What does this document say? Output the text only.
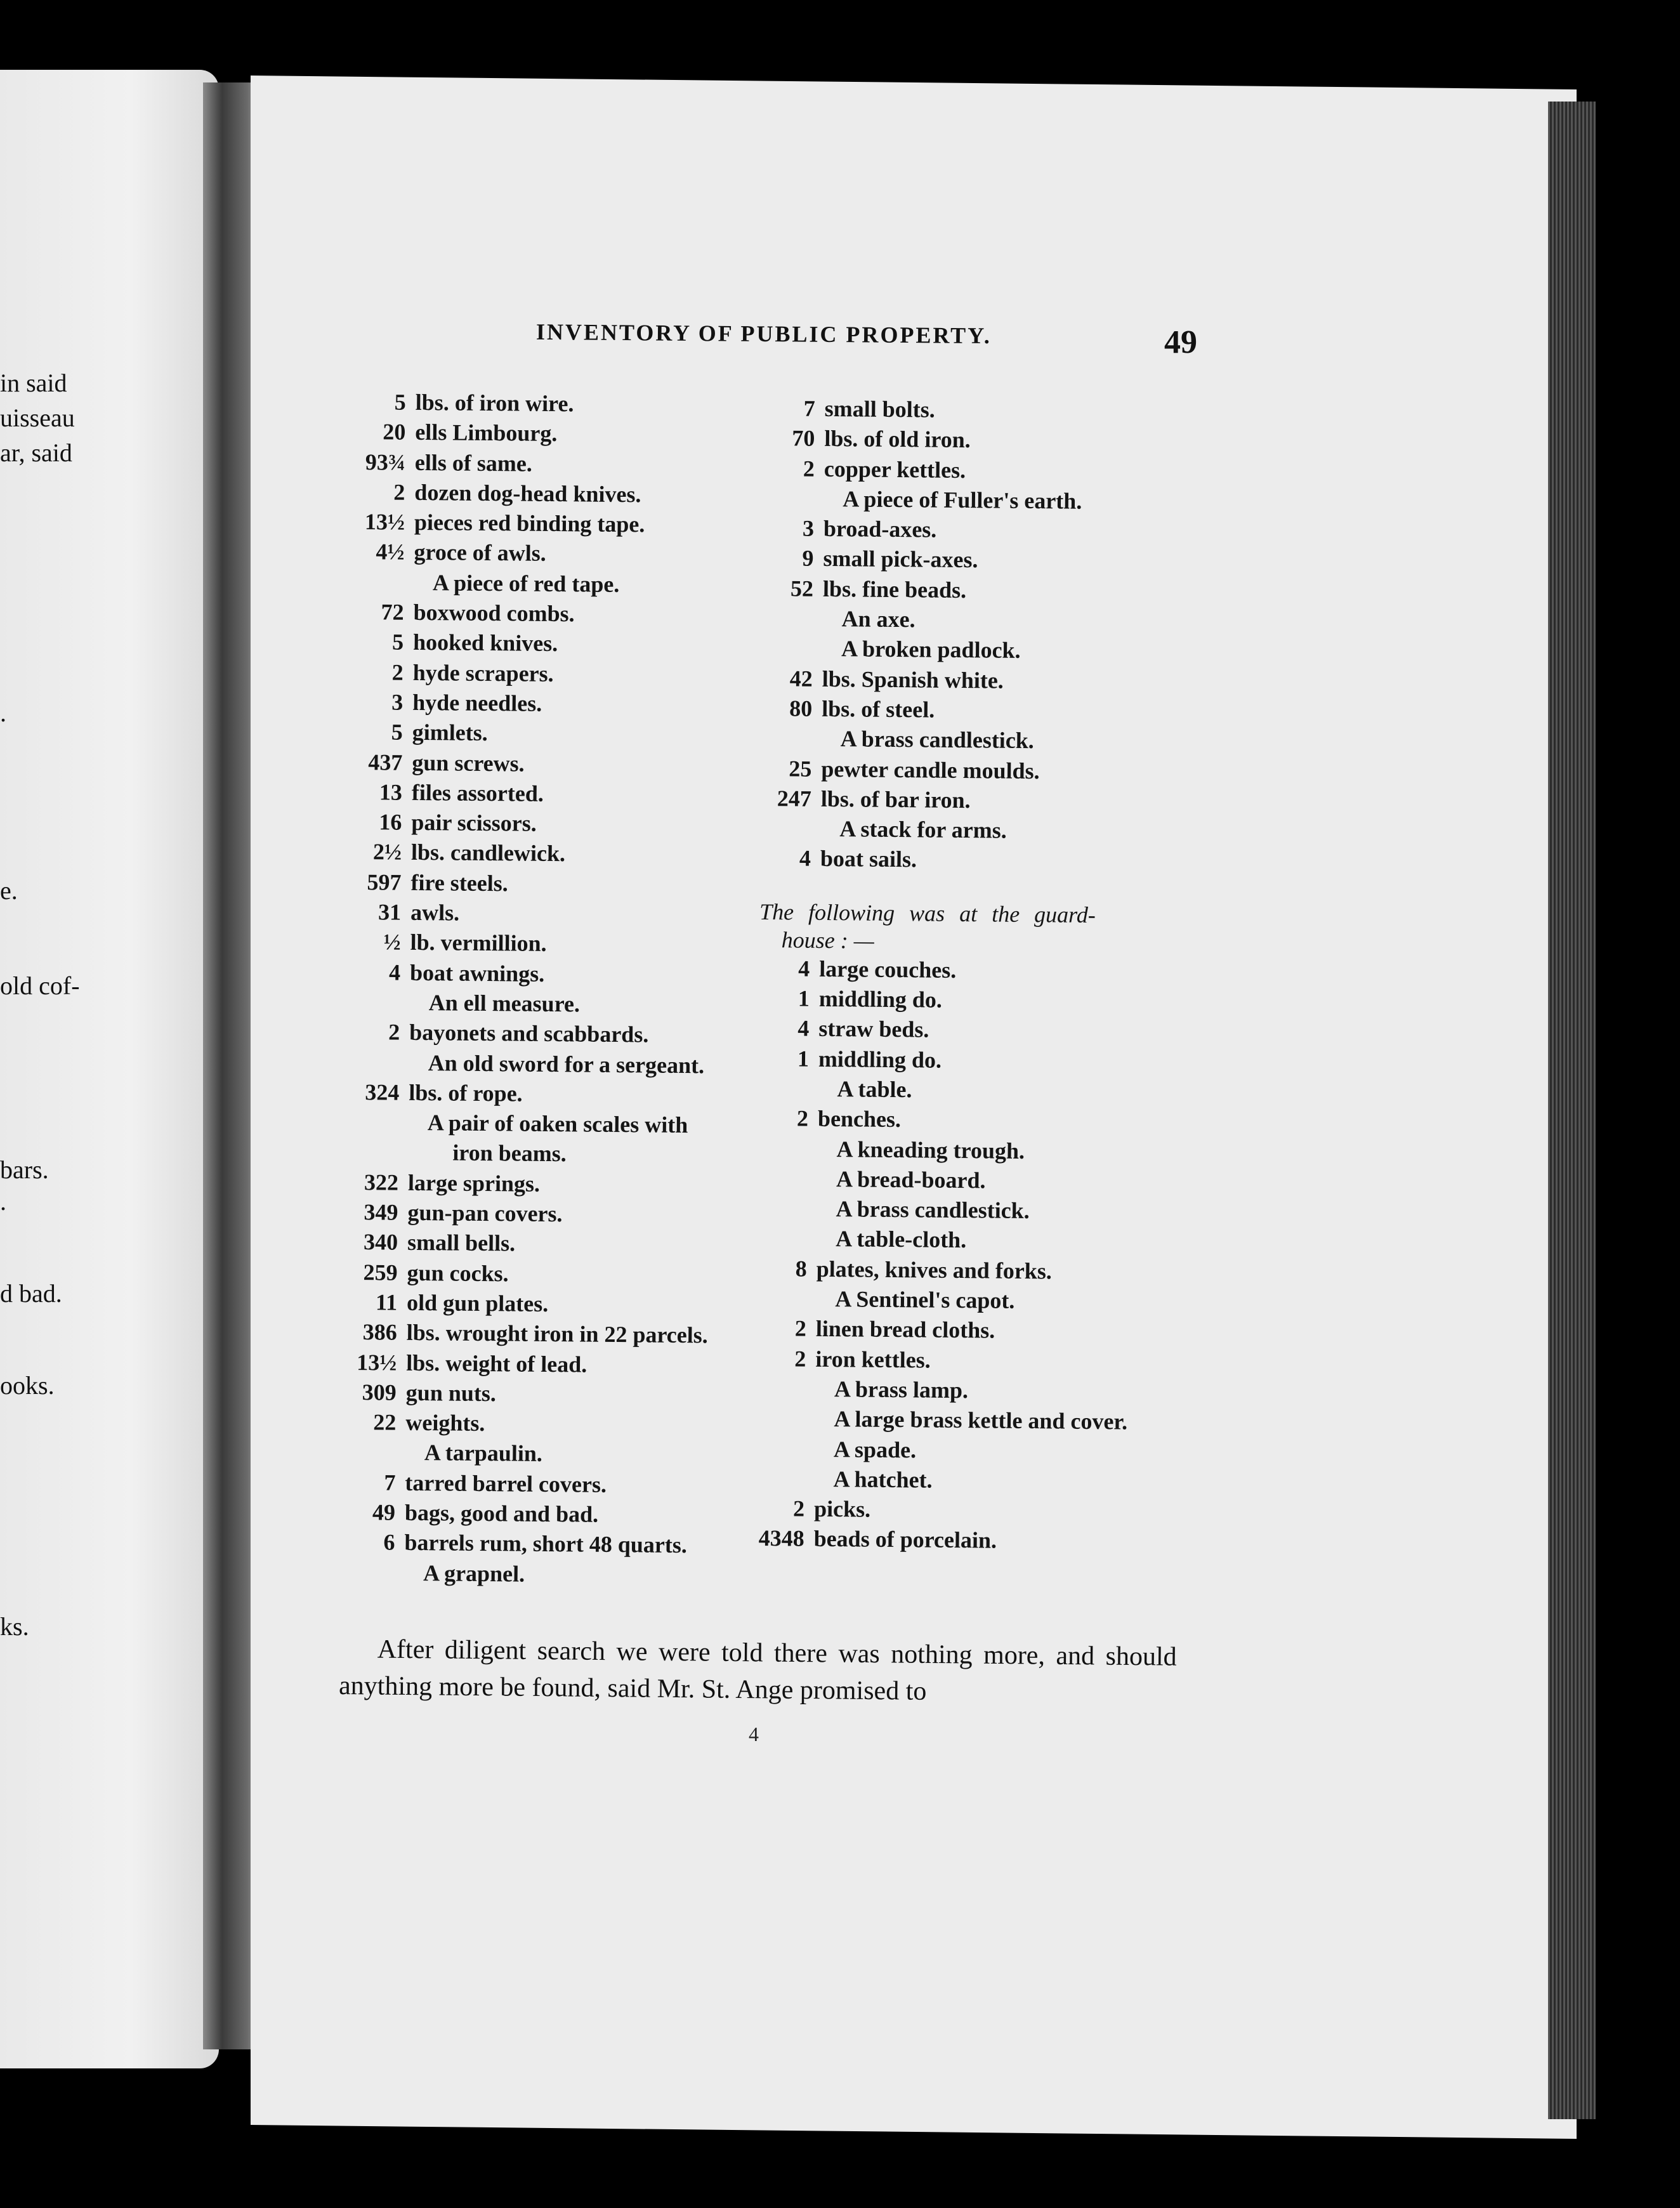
in said
uisseau
ar, said
.
e.
old cof-
bars.
.
d bad.
ooks.
ks.
INVENTORY OF PUBLIC PROPERTY.	49
5 lbs. of iron wire.
20 ells Limbourg.
93¾ ells of same.
2 dozen dog-head knives.
13½ pieces red binding tape.
4½ groce of awls.
A piece of red tape.
72 boxwood combs.
5 hooked knives.
2 hyde scrapers.
3 hyde needles.
5 gimlets.
437 gun screws.
13 files assorted.
16 pair scissors.
2½ lbs. candlewick.
597 fire steels.
31 awls.
½ lb. vermillion.
4 boat awnings.
An ell measure.
2 bayonets and scabbards.
An old sword for a sergeant.
324 lbs. of rope.
A pair of oaken scales with
iron beams.
322 large springs.
349 gun-pan covers.
340 small bells.
259 gun cocks.
11 old gun plates.
386 lbs. wrought iron in 22 parcels.
13½ lbs. weight of lead.
309 gun nuts.
22 weights.
A tarpaulin.
7 tarred barrel covers.
49 bags, good and bad.
6 barrels rum, short 48 quarts.
A grapnel.
7 small bolts.
70 lbs. of old iron.
2 copper kettles.
A piece of Fuller's earth.
3 broad-axes.
9 small pick-axes.
52 lbs. fine beads.
An axe.
A broken padlock.
42 lbs. Spanish white.
80 lbs. of steel.
A brass candlestick.
25 pewter candle moulds.
247 lbs. of bar iron.
A stack for arms.
4 boat sails.
The following was at the guard-
house : —
4 large couches.
1 middling do.
4 straw beds.
1 middling do.
A table.
2 benches.
A kneading trough.
A bread-board.
A brass candlestick.
A table-cloth.
8 plates, knives and forks.
A Sentinel's capot.
2 linen bread cloths.
2 iron kettles.
A brass lamp.
A large brass kettle and cover.
A spade.
A hatchet.
2 picks.
4348 beads of porcelain.

After diligent search we were told there was nothing more, and should anything more be found, said Mr. St. Ange promised to

4
